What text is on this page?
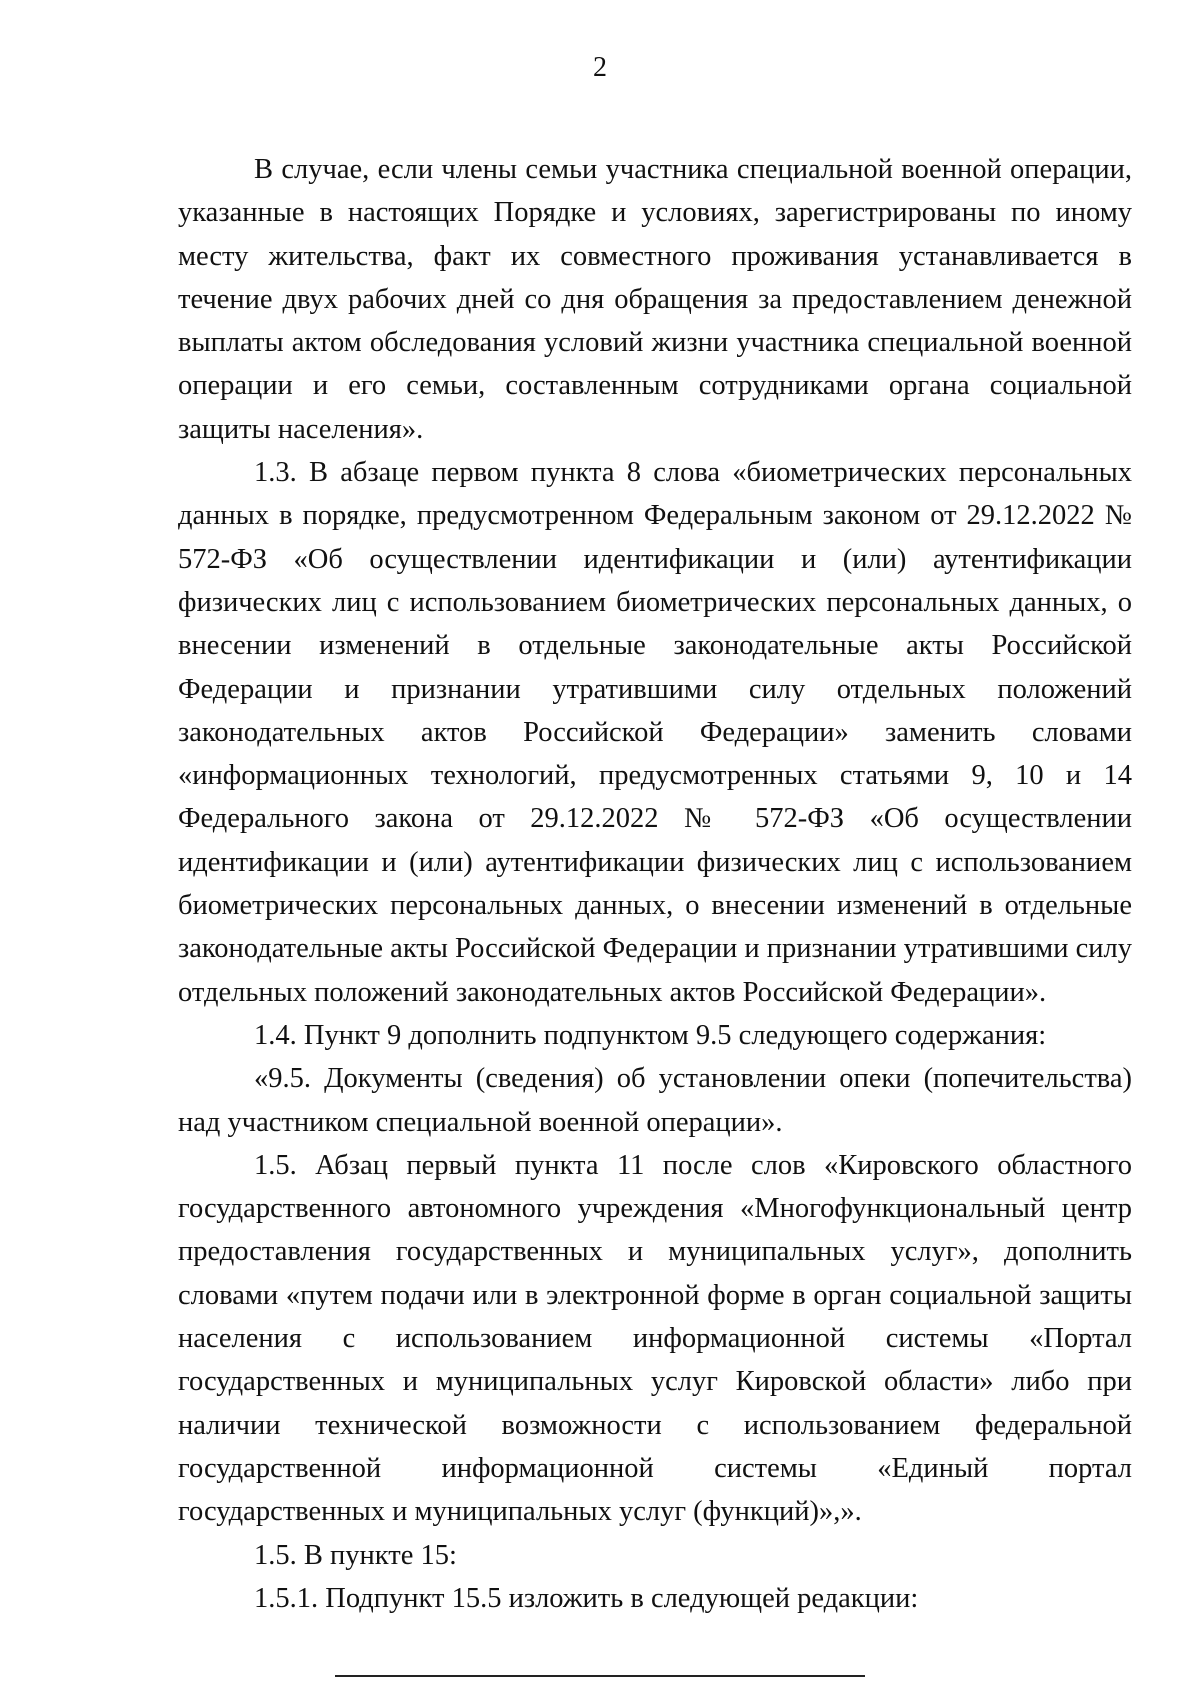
2

В случае, если члены семьи участника специальной военной операции, указанные в настоящих Порядке и условиях, зарегистрированы по иному месту жительства, факт их совместного проживания устанавливается в течение двух рабочих дней со дня обращения за предоставлением денежной выплаты актом обследования условий жизни участника специальной военной операции и его семьи, составленным сотрудниками органа социальной защиты населения».

1.3. В абзаце первом пункта 8 слова «биометрических персональных данных в порядке, предусмотренном Федеральным законом от 29.12.2022 № 572-ФЗ «Об осуществлении идентификации и (или) аутентификации физических лиц с использованием биометрических персональных данных, о внесении изменений в отдельные законодательные акты Российской Федерации и признании утратившими силу отдельных положений законодательных актов Российской Федерации» заменить словами «информационных технологий, предусмотренных статьями 9, 10 и 14 Федерального закона от 29.12.2022 № 572-ФЗ «Об осуществлении идентификации и (или) аутентификации физических лиц с использованием биометрических персональных данных, о внесении изменений в отдельные законодательные акты Российской Федерации и признании утратившими силу отдельных положений законодательных актов Российской Федерации».

1.4. Пункт 9 дополнить подпунктом 9.5 следующего содержания:

«9.5. Документы (сведения) об установлении опеки (попечительства) над участником специальной военной операции».

1.5. Абзац первый пункта 11 после слов «Кировского областного государственного автономного учреждения «Многофункциональный центр предоставления государственных и муниципальных услуг», дополнить словами «путем подачи или в электронной форме в орган социальной защиты населения с использованием информационной системы «Портал государственных и муниципальных услуг Кировской области» либо при наличии технической возможности с использованием федеральной государственной информационной системы «Единый портал государственных и муниципальных услуг (функций)»,».

1.5. В пункте 15:

1.5.1. Подпункт 15.5 изложить в следующей редакции:
